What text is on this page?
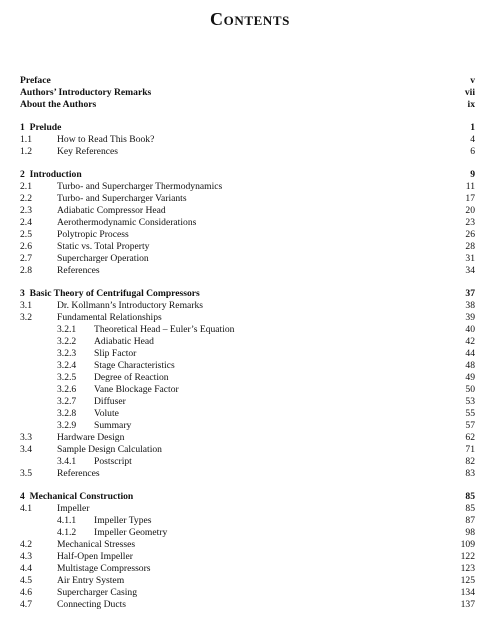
Contents
Preface	v
Authors’ Introductory Remarks	vii
About the Authors	ix
1 Prelude	1
1.1	How to Read This Book?	4
1.2	Key References	6
2 Introduction	9
2.1	Turbo- and Supercharger Thermodynamics	11
2.2	Turbo- and Supercharger Variants	17
2.3	Adiabatic Compressor Head	20
2.4	Aerothermodynamic Considerations	23
2.5	Polytropic Process	26
2.6	Static vs. Total Property	28
2.7	Supercharger Operation	31
2.8	References	34
3 Basic Theory of Centrifugal Compressors	37
3.1	Dr. Kollmann’s Introductory Remarks	38
3.2	Fundamental Relationships	39
3.2.1 Theoretical Head – Euler’s Equation	40
3.2.2 Adiabatic Head	42
3.2.3 Slip Factor	44
3.2.4 Stage Characteristics	48
3.2.5 Degree of Reaction	49
3.2.6 Vane Blockage Factor	50
3.2.7 Diffuser	53
3.2.8 Volute	55
3.2.9 Summary	57
3.3	Hardware Design	62
3.4	Sample Design Calculation	71
3.4.1 Postscript	82
3.5	References	83
4 Mechanical Construction	85
4.1	Impeller	85
4.1.1 Impeller Types	87
4.1.2 Impeller Geometry	98
4.2	Mechanical Stresses	109
4.3	Half-Open Impeller	122
4.4	Multistage Compressors	123
4.5	Air Entry System	125
4.6	Supercharger Casing	134
4.7	Connecting Ducts	137
